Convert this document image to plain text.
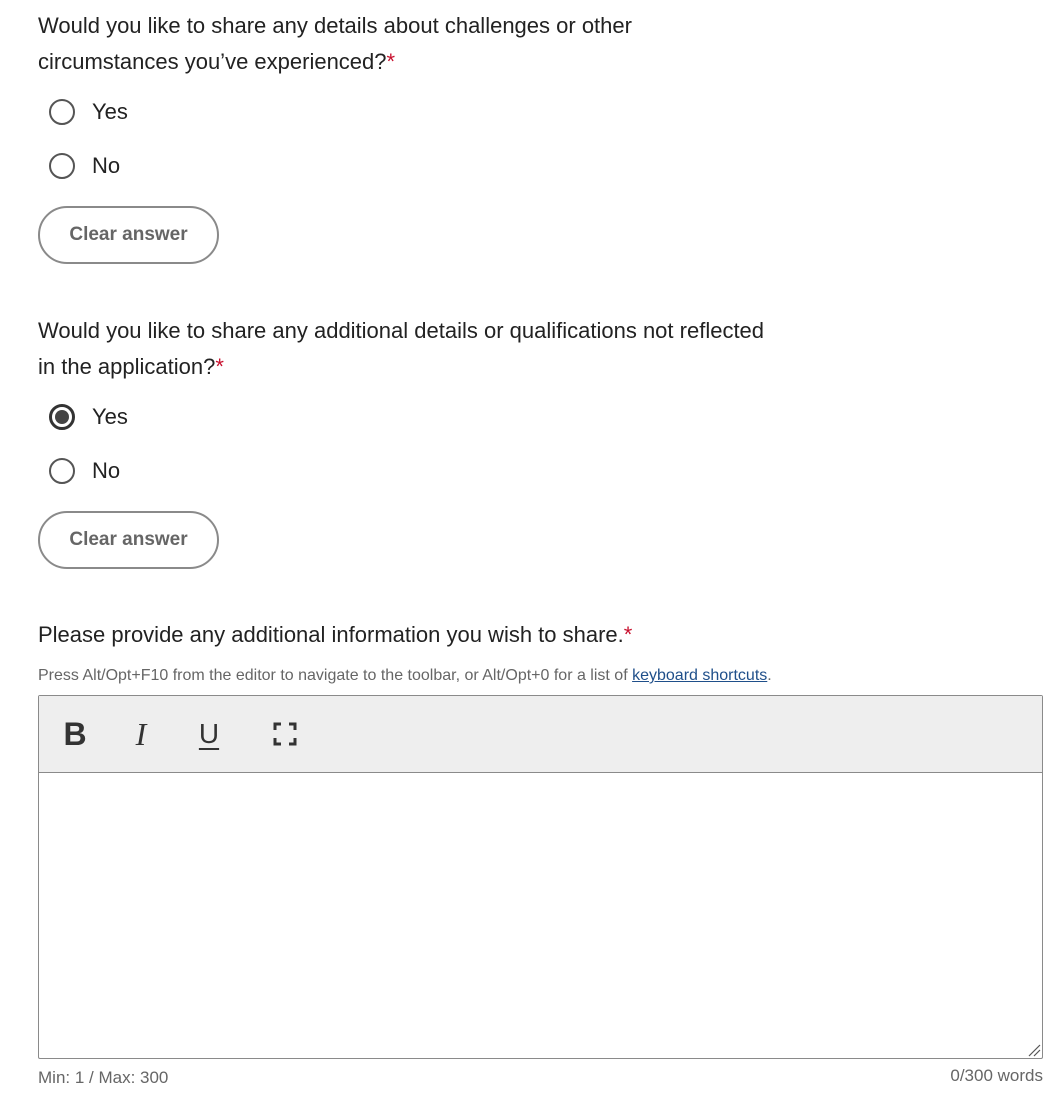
Would you like to share any details about challenges or other circumstances you’ve experienced?*
Yes
No
Clear answer
Would you like to share any additional details or qualifications not reflected in the application?*
Yes
No
Clear answer
Please provide any additional information you wish to share.*
Press Alt/Opt+F10 from the editor to navigate to the toolbar, or Alt/Opt+0 for a list of keyboard shortcuts.
B	I	U
Min: 1 / Max: 300	0/300 words
